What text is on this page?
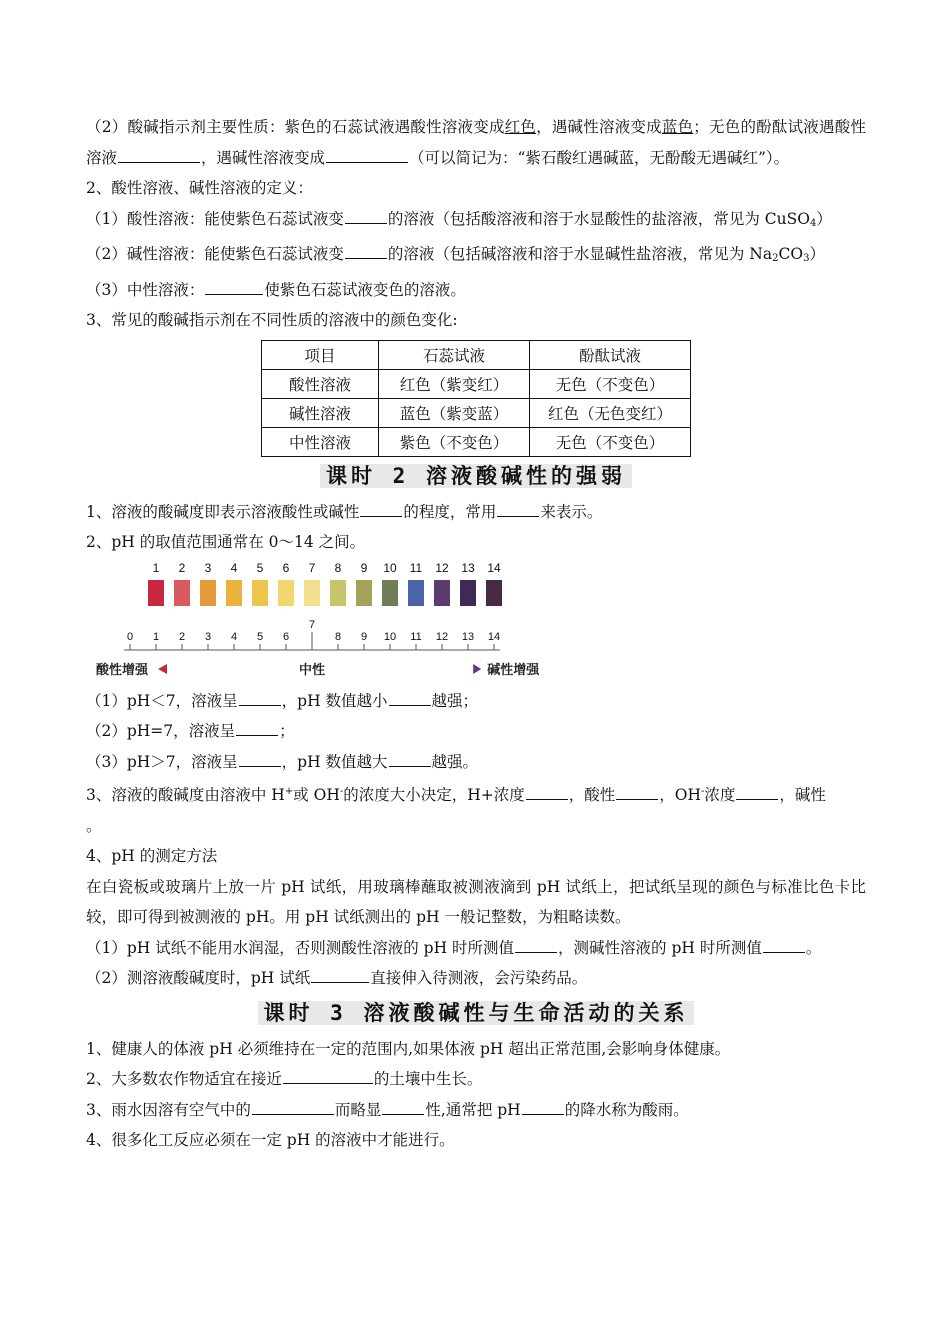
（2）酸碱指示剂主要性质：紫色的石蕊试液遇酸性溶液变成红色，遇碱性溶液变成蓝色；无色的酚酞试液遇酸性溶液	，遇碱性溶液变成	（可以简记为：“紫石酸红遇碱蓝，无酚酸无遇碱红”）。

2、酸性溶液、碱性溶液的定义：

（1）酸性溶液：能使紫色石蕊试液变	的溶液（包括酸溶液和溶于水显酸性的盐溶液，常见为 CuSO$_4$）

（2）碱性溶液：能使紫色石蕊试液变	的溶液（包括碱溶液和溶于水显碱性盐溶液，常见为 $Na_2CO_3$）

（3）中性溶液：	使紫色石蕊试液变色的溶液。

3、常见的酸碱指示剂在不同性质的溶液中的颜色变化:

项目	石蕊试液	酚酞试液
酸性溶液	红色（紫变红）	无色（不变色）
碱性溶液	蓝色（紫变蓝）	红色（无色变红）
中性溶液	紫色（不变色）	无色（不变色）
课时 2 溶液酸碱性的强弱

1、溶液的酸碱度即表示溶液酸性或碱性	的程度，常用	来表示。

2、pH 的取值范围通常在 0～14 之间。

1 2 3 4 5 6 7 8 9 10 11 12 13 14
0 1 2 3 4 5 6
7
8 9 10 11 12 13 14
酸性增强	中性	碱性增强

（1）pH＜7，溶液呈	，pH 数值越小	越强；

（2）pH=7，溶液呈	；

（3）pH＞7，溶液呈	，pH 数值越大	越强。

3、溶液的酸碱度由溶液中 H+或 OH-的浓度大小决定，H+浓度	，酸性	，OH-浓度	，碱性
。

4、pH 的测定方法

在白瓷板或玻璃片上放一片 pH 试纸，用玻璃棒蘸取被测液滴到 pH 试纸上，把试纸呈现的颜色与标准比色卡比较，即可得到被测液的 pH。用 pH 试纸测出的 pH 一般记整数，为粗略读数。

（1）pH 试纸不能用水润湿，否则测酸性溶液的 pH 时所测值	，测碱性溶液的 pH 时所测值	。

（2）测溶液酸碱度时，pH 试纸	直接伸入待测液，会污染药品。

课时 3 溶液酸碱性与生命活动的关系

1、健康人的体液 pH 必须维持在一定的范围内,如果体液 pH 超出正常范围,会影响身体健康。

2、大多数农作物适宜在接近	的土壤中生长。

3、雨水因溶有空气中的	而略显	性,通常把 pH	的降水称为酸雨。

4、很多化工反应必须在一定 pH 的溶液中才能进行。
